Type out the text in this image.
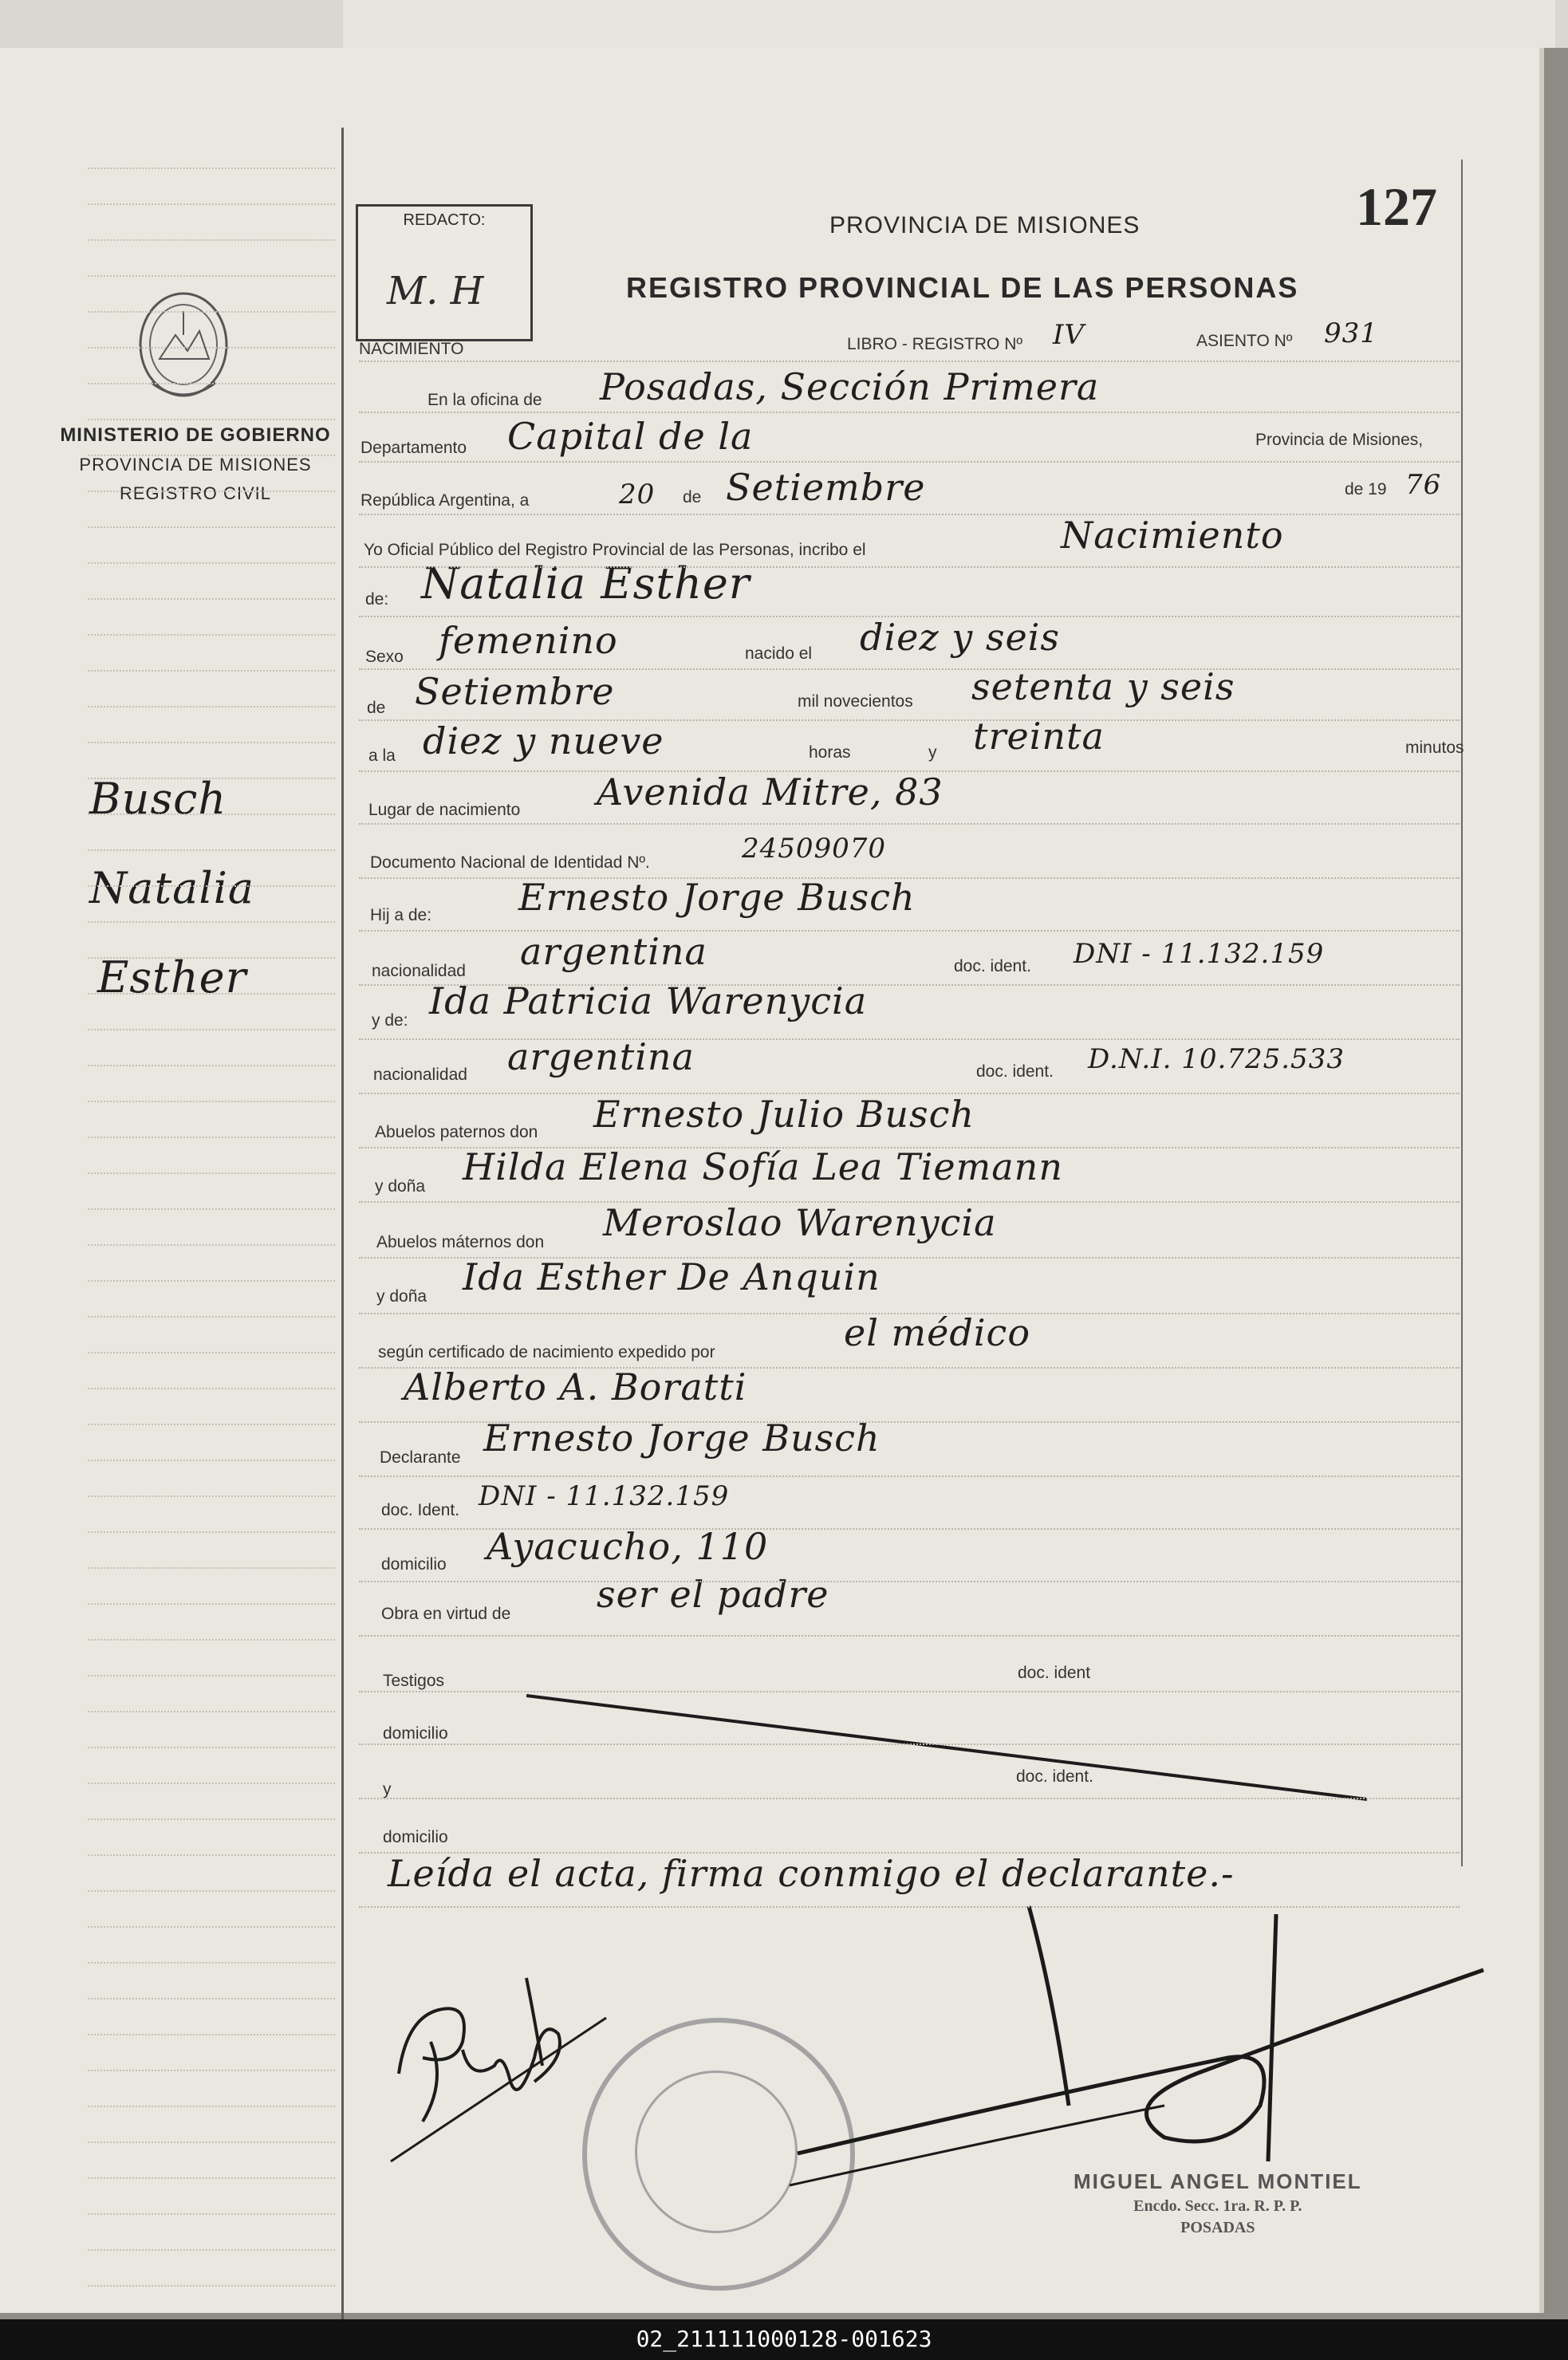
REDACTO:
M. H
PROVINCIA DE MISIONES
REGISTRO PROVINCIAL DE LAS PERSONAS
127
MINISTERIO DE GOBIERNO
PROVINCIA DE MISIONES
REGISTRO CIVIL
Busch
Natalia
Esther
NACIMIENTO	LIBRO - REGISTRO Nº IV	ASIENTO Nº 931
En la oficina de Posadas, Sección Primera
Departamento Capital de la	Provincia de Misiones,
República Argentina, a	20 de Setiembre	de 19 76
Yo Oficial Público del Registro Provincial de las Personas, incribo el	Nacimiento
de: Natalia Esther
Sexo femenino	nacido el diez y seis
de Setiembre	mil novecientos setenta y seis
a la diez y nueve	horas	y treinta	minutos
Lugar de nacimiento Avenida Mitre, 83
Documento Nacional de Identidad Nº.	24509070
Hij a de: Ernesto Jorge Busch
nacionalidad argentina	doc. ident. DNI - 11.132.159
y de: Ida Patricia Warenycia
nacionalidad argentina	doc. ident. D.N.I. 10.725.533
Abuelos paternos don Ernesto Julio Busch
y doña Hilda Elena Sofía Lea Tiemann
Abuelos máternos don Meroslao Warenycia
y doña Ida Esther De Anquin
según certificado de nacimiento expedido por	el médico
Alberto A. Boratti
Declarante Ernesto Jorge Busch
doc. Ident. DNI - 11.132.159
domicilio Ayacucho, 110
Obra en virtud de ser el padre
Testigos	doc. ident
domicilio
y
doc. ident.
domicilio
Leída el acta, firma conmigo el declarante.-
MIGUEL ANGEL MONTIEL
Encdo. Secc. 1ra. R. P. P.
POSADAS
02_211111000128-001623
